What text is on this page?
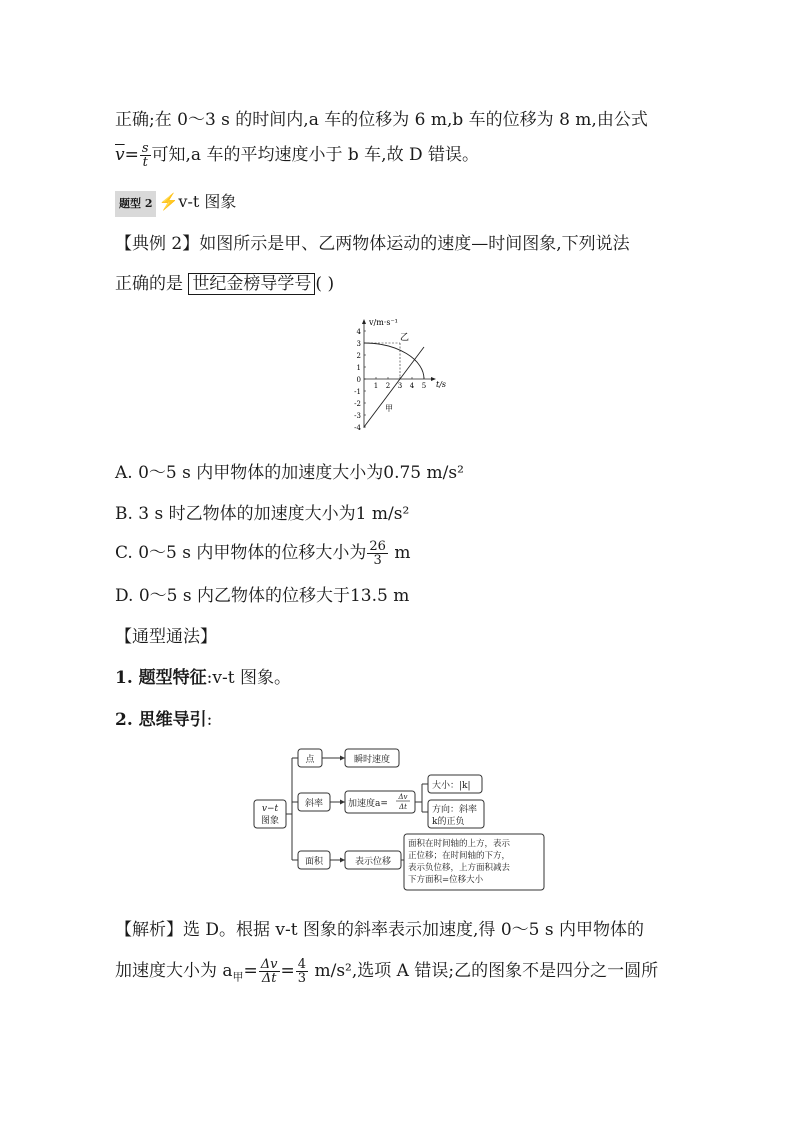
正确;在 0～3 s 的时间内,a 车的位移为 6 m,b 车的位移为 8 m,由公式
$\overline{v}= \frac{s}{t}$ 可知,a 车的平均速度小于 b 车,故 D 错误。
题型 2 ⚡v-t 图象
【典例 2】如图所示是甲、乙两物体运动的速度—时间图象,下列说法
正确的是 世纪金榜导学号 ( )
4
3
2
1
0
-1
-2
-3
-4
1 2 3 4 5
v/m·s⁻¹
t/s
乙
甲
A. 0～5 s 内甲物体的加速度大小为0.75 m/s²
B. 3 s 时乙物体的加速度大小为1 m/s²
C. 0～5 s 内甲物体的位移大小为 $\frac{26}{3}$ m
D. 0～5 s 内乙物体的位移大于13.5 m
【通型通法】
1. 题型特征:v-t 图象。
2. 思维导引:
v−t
图象
点
斜率
面积
瞬时速度
加速度a=
Δv
Δt
表示位移
大小：|k|
方向：斜率
k的正负
面积在时间轴的上方，表示
正位移；在时间轴的下方，
表示负位移，上方面积减去
下方面积=位移大小
【解析】选 D。根据 v-t 图象的斜率表示加速度,得 0～5 s 内甲物体的
加速度大小为 $a_甲= \frac{\Delta v}{\Delta t} = \frac{4}{3} m/s^2$,选项 A 错误;乙的图象不是四分之一圆所
